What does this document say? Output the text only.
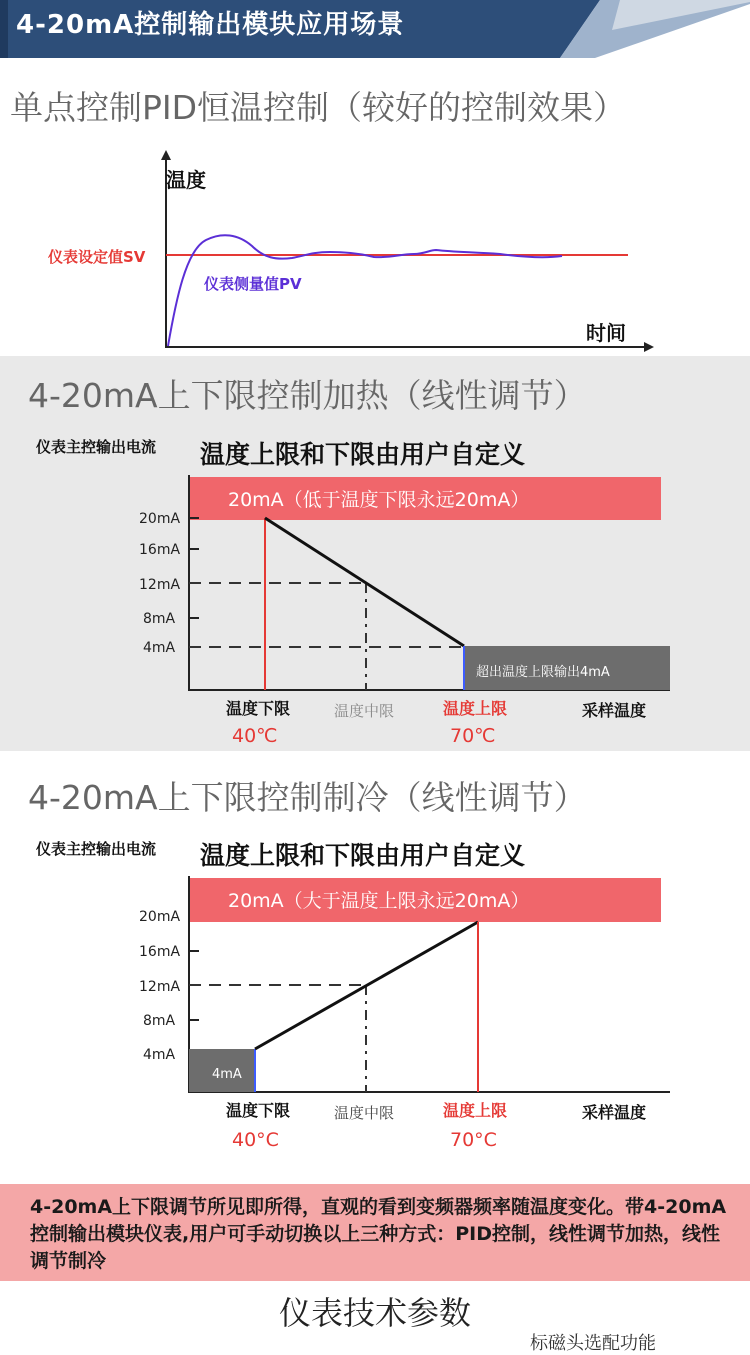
4-20mA控制输出模块应用场景
单点控制PID恒温控制（较好的控制效果）
温度
时间
仪表设定值SV
仪表侧量值PV
4-20mA上下限控制加热（线性调节）
仪表主控输出电流 温度上限和下限由用户自定义
20mA（低于温度下限永远20mA）
20mA
16mA
12mA
8mA
4mA
超出温度上限输出4mA
温度下限	温度中限	温度上限	采样温度
40℃	70℃
4-20mA上下限控制制冷（线性调节）
仪表主控输出电流 温度上限和下限由用户自定义
20mA（大于温度上限永远20mA）
20mA
16mA
12mA
8mA
4mA
4mA
温度下限	温度中限	温度上限	采样温度
40°C	70°C
4-20mA上下限调节所见即所得，直观的看到变频器频率随温度变化。带4-20mA控制输出模块仪表,用户可手动切换以上三种方式：PID控制，线性调节加热，线性调节制冷
仪表技术参数
标磁头选配功能
